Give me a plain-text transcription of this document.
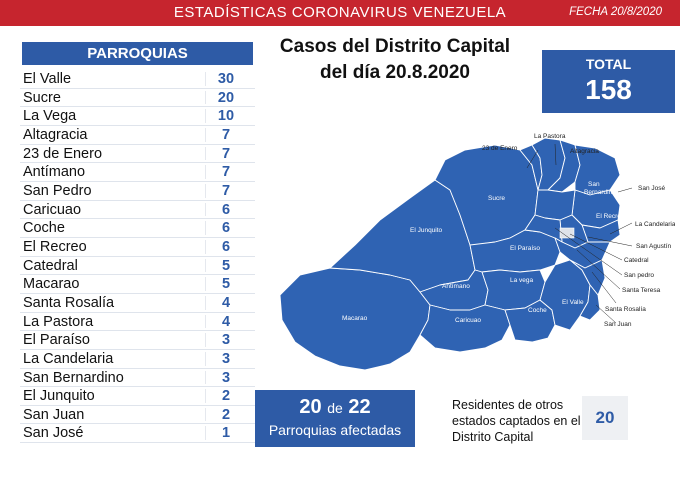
ESTADÍSTICAS CORONAVIRUS VENEZUELA	FECHA 20/8/2020
PARROQUIAS
El Valle	30
Sucre	20
La Vega	10
Altagracia	7
23 de Enero	7
Antímano	7
San Pedro	7
Caricuao	6
Coche	6
El Recreo	6
Catedral	5
Macarao	5
Santa Rosalía	4
La Pastora	4
El Paraíso	3
La Candelaria	3
San Bernardino	3
El Junquito	2
San Juan	2
San José	1
Casos del Distrito Capital
del día 20.8.2020	TOTAL
158
23 de Enero
La Pastora
Altagracia
San
Bernardino
San José
Sucre
El Recreo
La Candelaria
El Junquito
El Paraíso	San Agustín
Catedral
San pedro
La vega
Antímano
Santa Teresa
El Valle
Santa Rosalía
Macarao	Caricuao
Coche
San Juan
20 de 22
Parroquias afectadas
Residentes de otros estados captados en el Distrito Capital
20
